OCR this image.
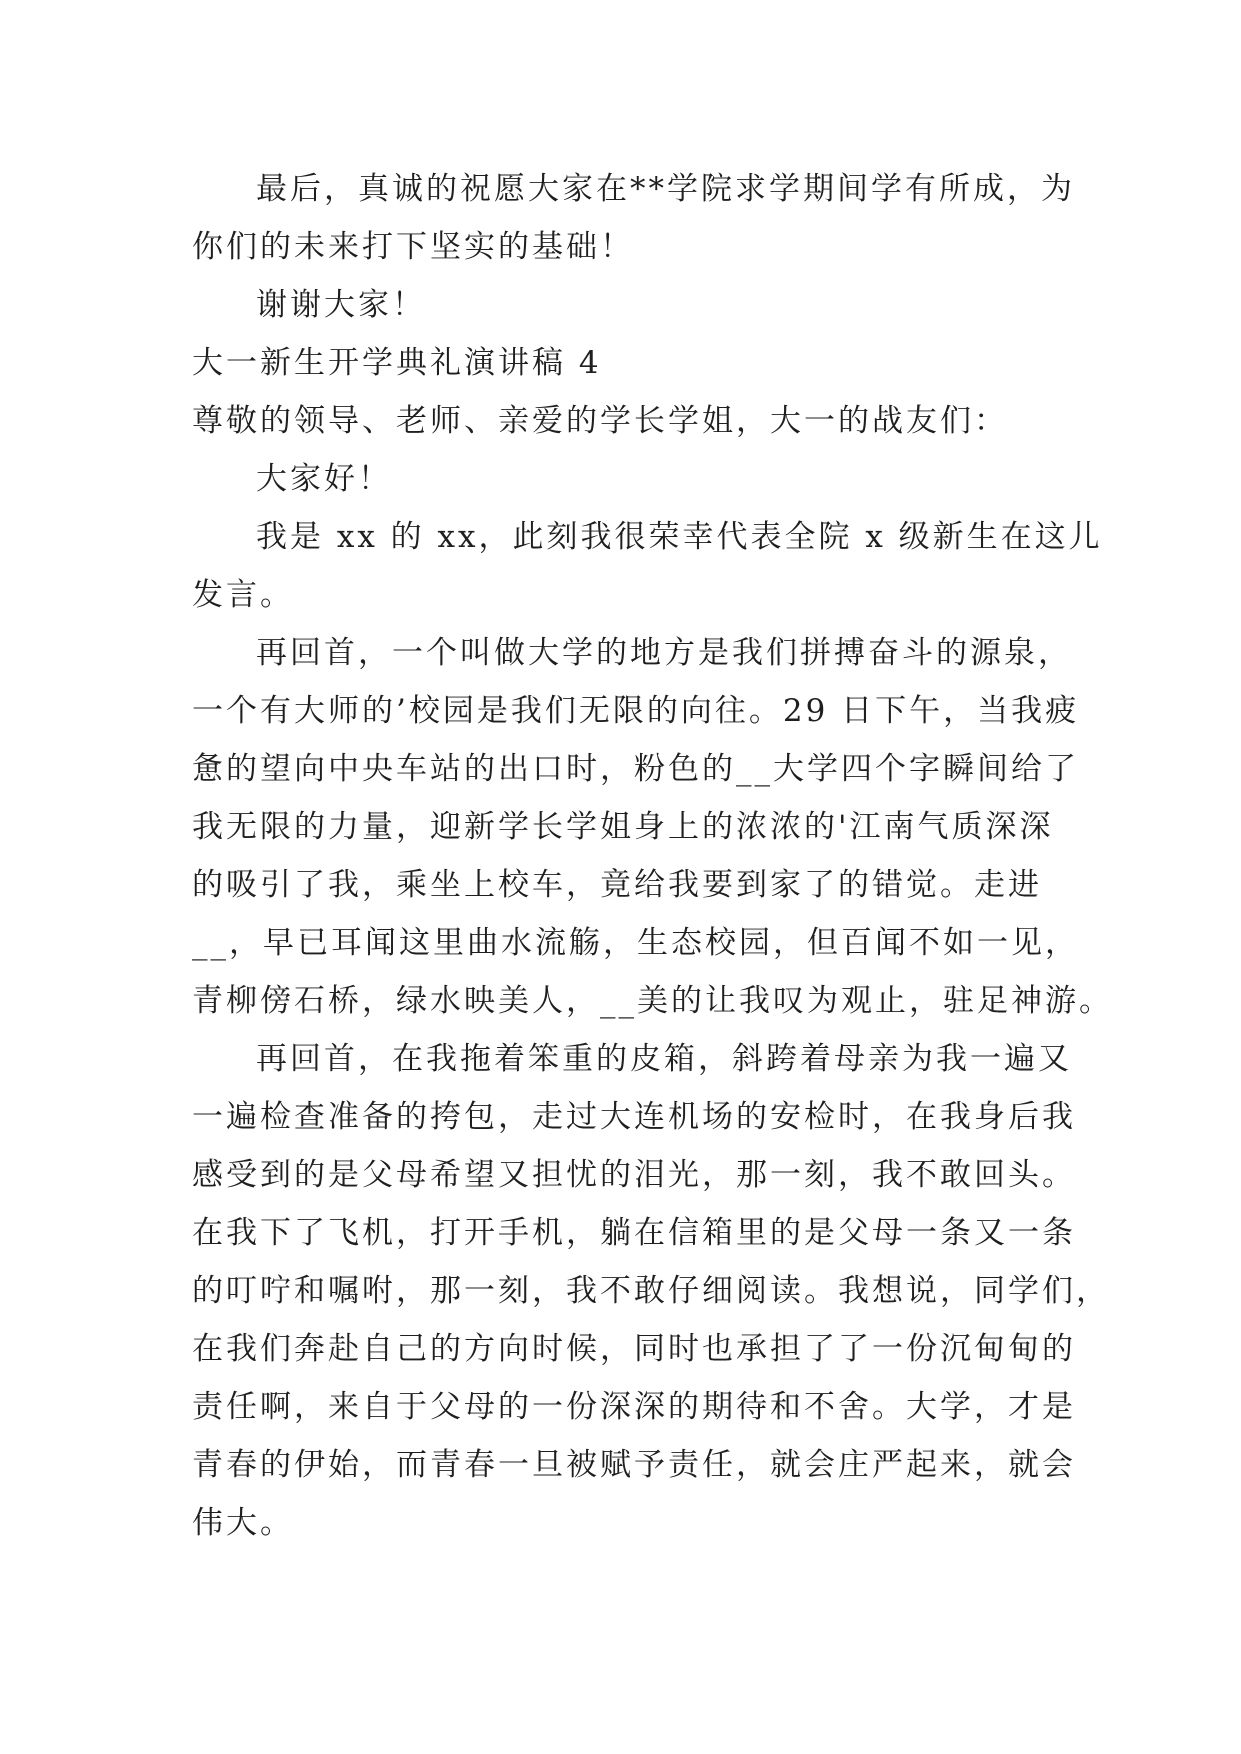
最后，真诚的祝愿大家在**学院求学期间学有所成，为
你们的未来打下坚实的基础！
谢谢大家！
大一新生开学典礼演讲稿 4
尊敬的领导、老师、亲爱的学长学姐，大一的战友们：
大家好！
我是 xx 的 xx，此刻我很荣幸代表全院 x 级新生在这儿
发言。
再回首，一个叫做大学的地方是我们拼搏奋斗的源泉，
一个有大师的’校园是我们无限的向往。29 日下午，当我疲
惫的望向中央车站的出口时，粉色的__大学四个字瞬间给了
我无限的力量，迎新学长学姐身上的浓浓的'江南气质深深
的吸引了我，乘坐上校车，竟给我要到家了的错觉。走进
__，早已耳闻这里曲水流觞，生态校园，但百闻不如一见，
青柳傍石桥，绿水映美人，__美的让我叹为观止，驻足神游。
再回首，在我拖着笨重的皮箱，斜跨着母亲为我一遍又
一遍检查准备的挎包，走过大连机场的安检时，在我身后我
感受到的是父母希望又担忧的泪光，那一刻，我不敢回头。
在我下了飞机，打开手机，躺在信箱里的是父母一条又一条
的叮咛和嘱咐，那一刻，我不敢仔细阅读。我想说，同学们，
在我们奔赴自己的方向时候，同时也承担了了一份沉甸甸的
责任啊，来自于父母的一份深深的期待和不舍。大学，才是
青春的伊始，而青春一旦被赋予责任，就会庄严起来，就会
伟大。
